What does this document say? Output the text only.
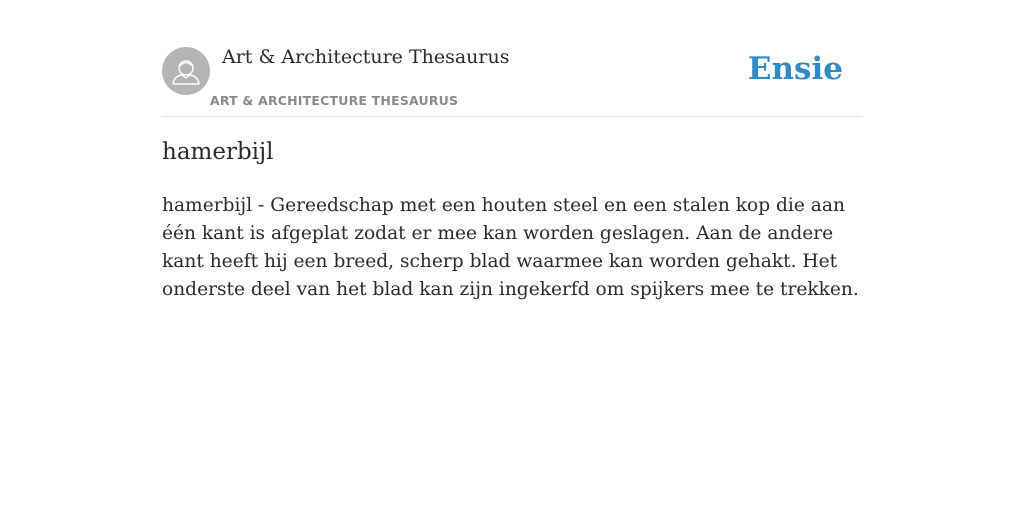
Art & Architecture Thesaurus
ART & ARCHITECTURE THESAURUS
Ensie
hamerbijl

hamerbijl - Gereedschap met een houten steel en een stalen kop die aan één kant is afgeplat zodat er mee kan worden geslagen. Aan de andere kant heeft hij een breed, scherp blad waarmee kan worden gehakt. Het onderste deel van het blad kan zijn ingekerfd om spijkers mee te trekken.
